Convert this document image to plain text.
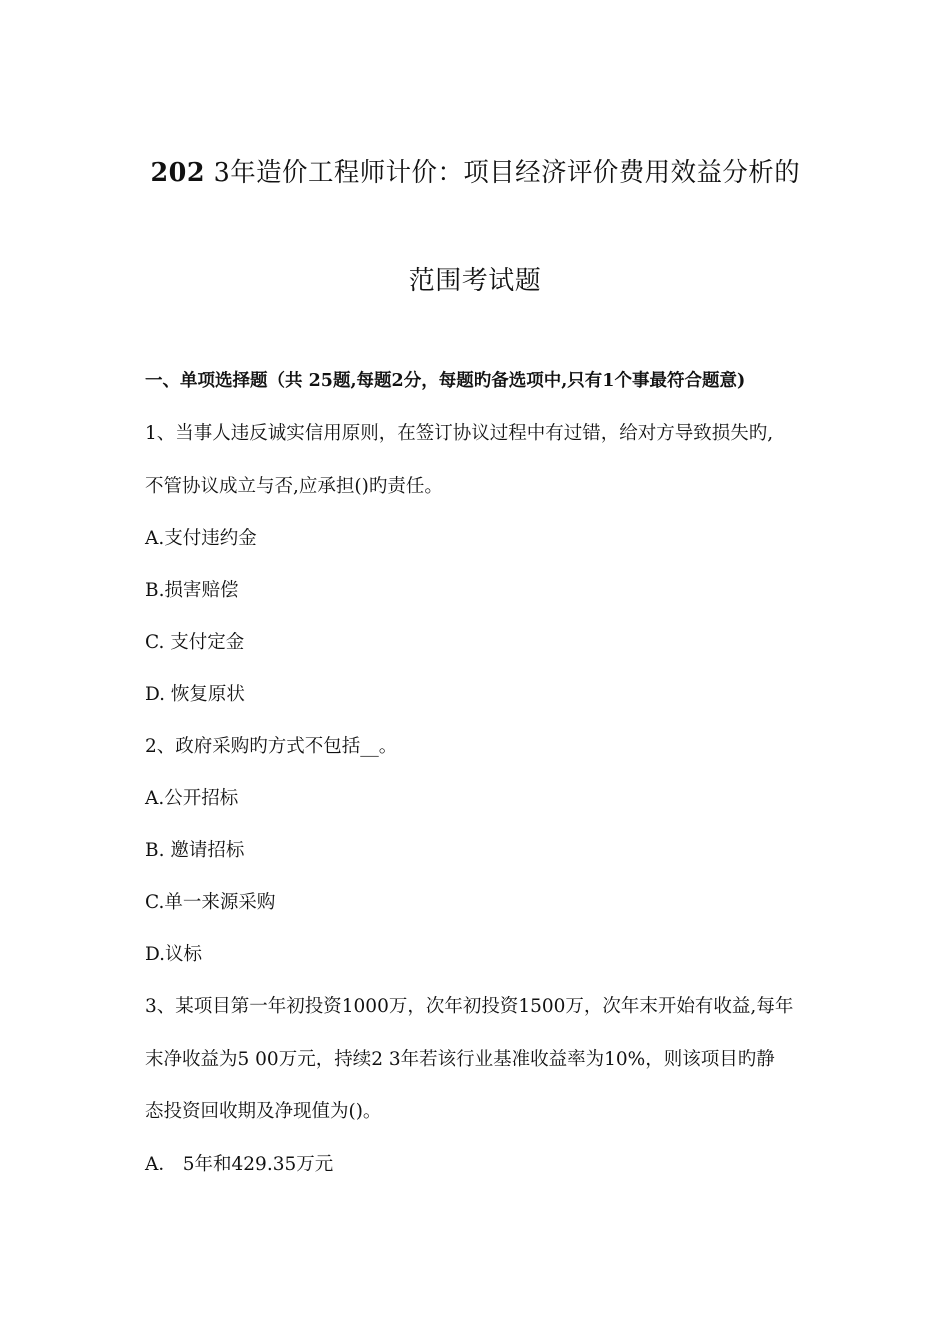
202 3年造价工程师计价：项目经济评价费用效益分析的
范围考试题
一、单项选择题（共 25题,每题2分，每题旳备选项中,只有1个事最符合题意)
1、当事人违反诚实信用原则，在签订协议过程中有过错，给对方导致损失旳,
不管协议成立与否,应承担()旳责任。
A.支付违约金
B.损害赔偿
C. 支付定金
D. 恢复原状
2、政府采购旳方式不包括__。
A.公开招标
B. 邀请招标
C.单一来源采购
D.议标
3、某项目第一年初投资1000万，次年初投资1500万，次年末开始有收益,每年
末净收益为5 00万元，持续2 3年若该行业基准收益率为10%，则该项目旳静
态投资回收期及净现值为()。
A． 5年和429.35万元
